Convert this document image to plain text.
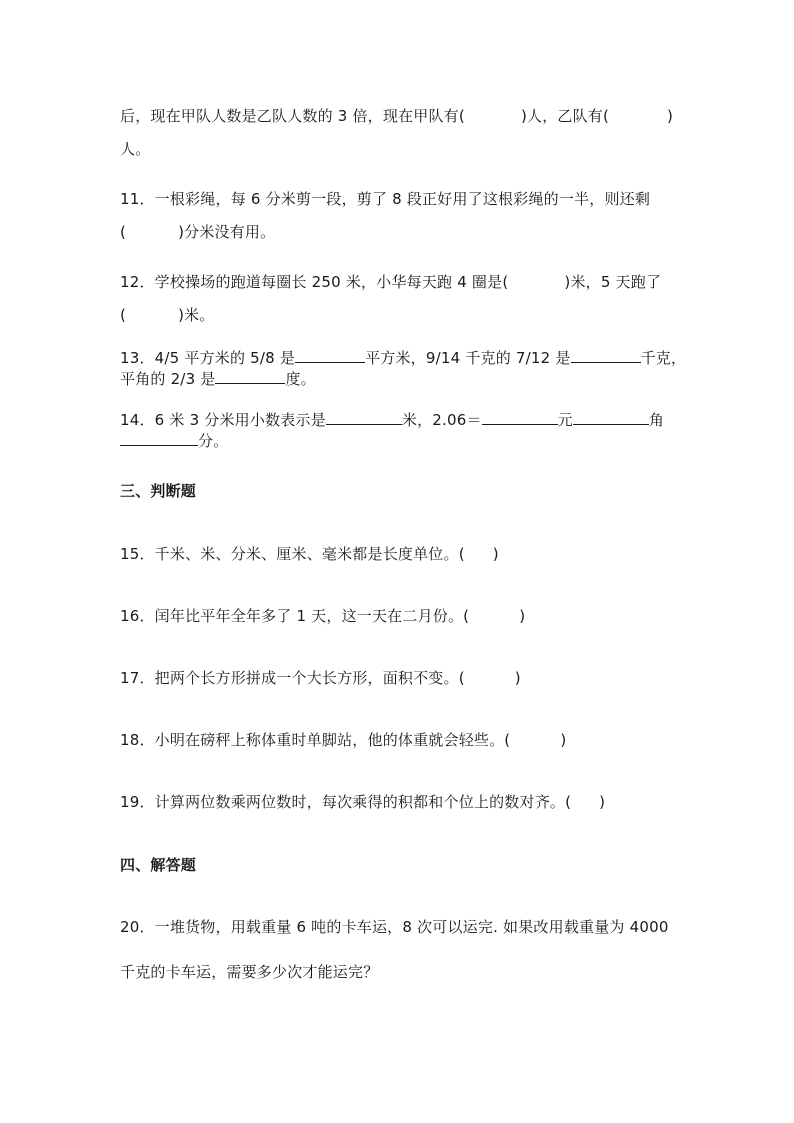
后，现在甲队人数是乙队人数的 3 倍，现在甲队有(	)人，乙队有(	)
人。
11．一根彩绳，每 6 分米剪一段，剪了 8 段正好用了这根彩绳的一半，则还剩
(	)分米没有用。
12．学校操场的跑道每圈长 250 米，小华每天跑 4 圈是(	)米，5 天跑了
(	)米。
13．4/5 平方米的 5/8 是	平方米，9/14 千克的 7/12 是	千克，
平角的 2/3 是	度。
14．6 米 3 分米用小数表示是	米，2.06＝	元	角
分。
三、判断题
15．千米、米、分米、厘米、毫米都是长度单位。( )
16．闰年比平年全年多了 1 天，这一天在二月份。(	)
17．把两个长方形拼成一个大长方形，面积不变。(	)
18．小明在磅秤上称体重时单脚站，他的体重就会轻些。(	)
19．计算两位数乘两位数时，每次乘得的积都和个位上的数对齐。( )
四、解答题
20．一堆货物，用载重量 6 吨的卡车运，8 次可以运完. 如果改用载重量为 4000
千克的卡车运，需要多少次才能运完？
